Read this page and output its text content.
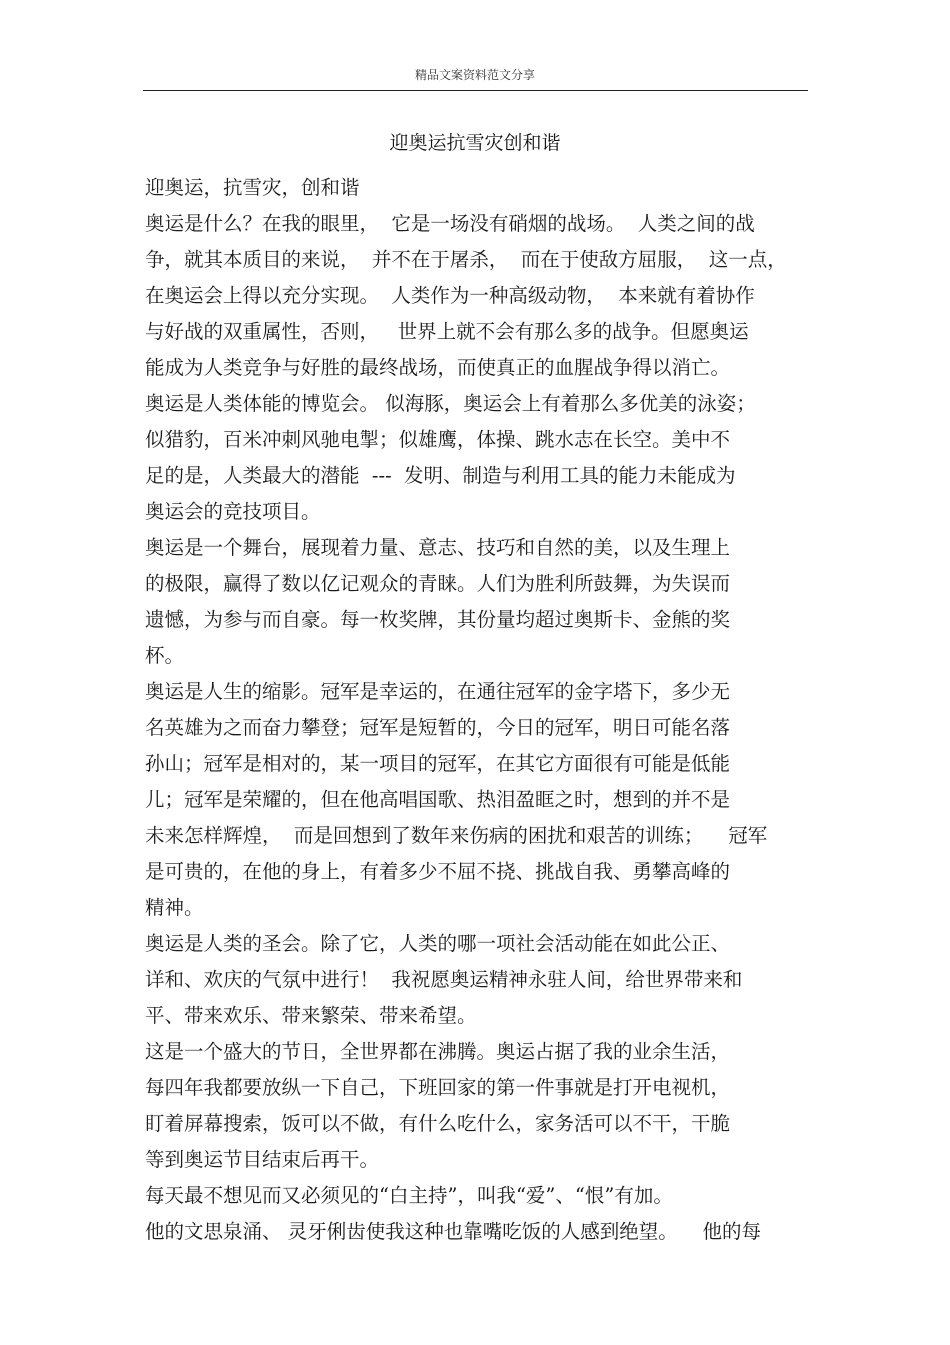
精品文案资料范文分享
迎奥运抗雪灾创和谐
迎奥运，抗雪灾，创和谐
奥运是什么？在我的眼里，  它是一场没有硝烟的战场。  人类之间的战
争，就其本质目的来说，  并不在于屠杀，  而在于使敌方屈服，  这一点，
在奥运会上得以充分实现。  人类作为一种高级动物，  本来就有着协作
与好战的双重属性，否则，   世界上就不会有那么多的战争。但愿奥运
能成为人类竞争与好胜的最终战场，而使真正的血腥战争得以消亡。
奥运是人类体能的博览会。 似海豚，奥运会上有着那么多优美的泳姿；
似猎豹，百米冲刺风驰电掣；似雄鹰，体操、跳水志在长空。美中不
足的是，人类最大的潜能  ---  发明、制造与利用工具的能力未能成为
奥运会的竞技项目。
奥运是一个舞台，展现着力量、意志、技巧和自然的美，以及生理上
的极限，赢得了数以亿记观众的青睐。人们为胜利所鼓舞，为失误而
遗憾，为参与而自豪。每一枚奖牌，其份量均超过奥斯卡、金熊的奖
杯。
奥运是人生的缩影。冠军是幸运的，在通往冠军的金字塔下，多少无
名英雄为之而奋力攀登；冠军是短暂的，今日的冠军，明日可能名落
孙山；冠军是相对的，某一项目的冠军，在其它方面很有可能是低能
儿；冠军是荣耀的，但在他高唱国歌、热泪盈眶之时，想到的并不是
未来怎样辉煌，  而是回想到了数年来伤病的困扰和艰苦的训练；    冠军
是可贵的，在他的身上，有着多少不屈不挠、挑战自我、勇攀高峰的
精神。
奥运是人类的圣会。除了它，人类的哪一项社会活动能在如此公正、
详和、欢庆的气氛中进行！  我祝愿奥运精神永驻人间，给世界带来和
平、带来欢乐、带来繁荣、带来希望。
这是一个盛大的节日，全世界都在沸腾。奥运占据了我的业余生活，
每四年我都要放纵一下自己，下班回家的第一件事就是打开电视机，
盯着屏幕搜索，饭可以不做，有什么吃什么，家务活可以不干，干脆
等到奥运节目结束后再干。
每天最不想见而又必须见的“白主持”，叫我“爱”、“恨”有加。
他的文思泉涌、 灵牙俐齿使我这种也靠嘴吃饭的人感到绝望。    他的每
